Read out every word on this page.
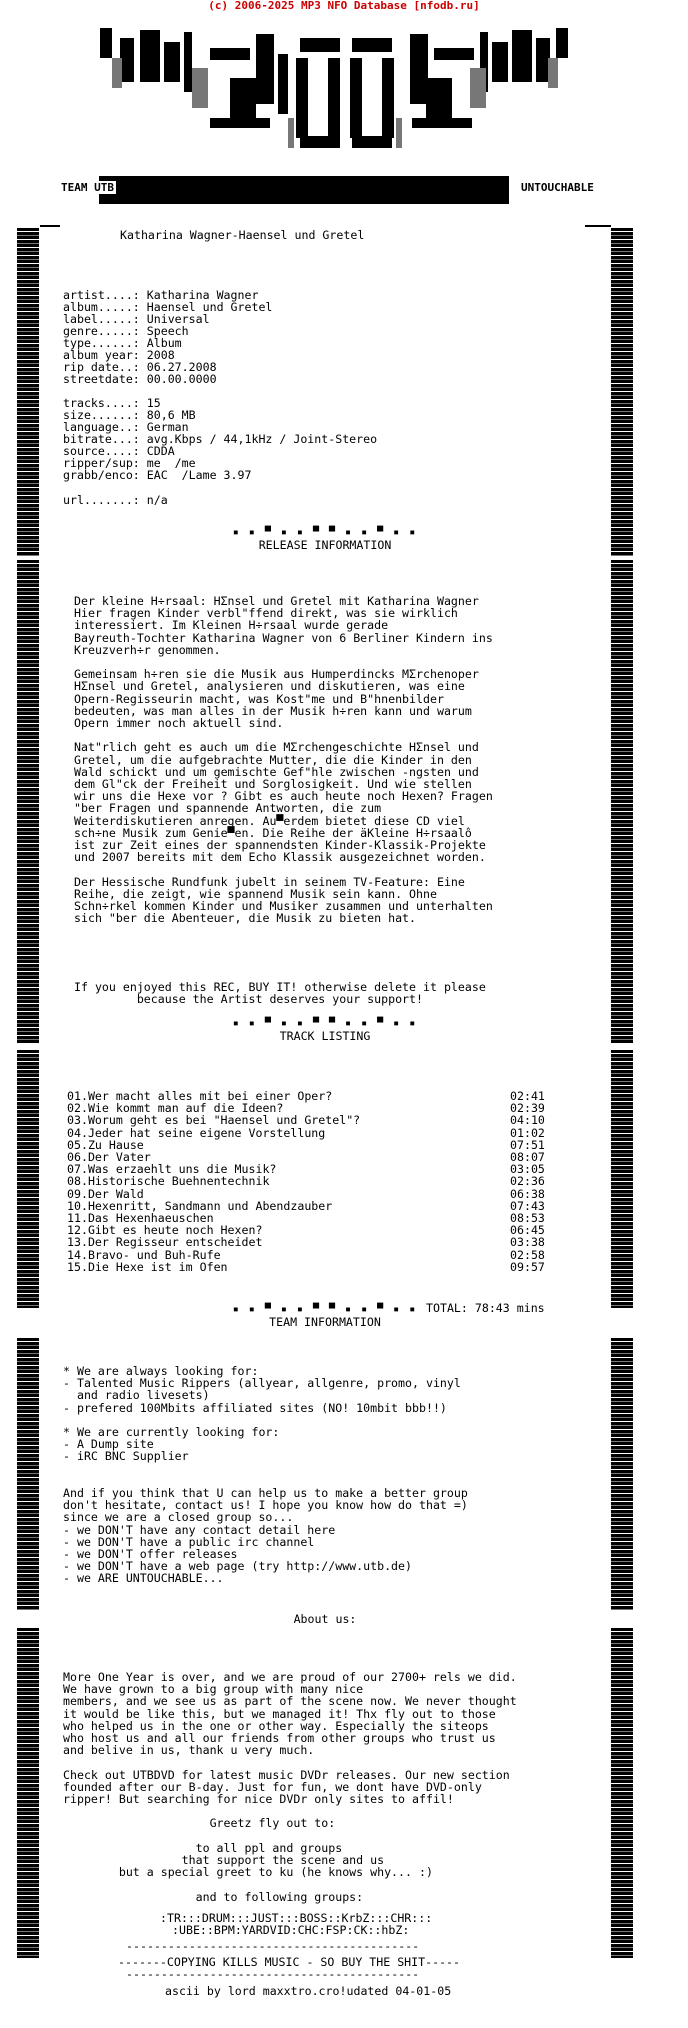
(c) 2006-2025 MP3 NFO Database [nfodb.ru]
TEAM UTB	UNTOUCHABLE
Katharina Wagner-Haensel und Gretel
artist....: Katharina Wagner
album.....: Haensel und Gretel
label.....: Universal
genre.....: Speech
type......: Album
album year: 2008
rip date..: 06.27.2008
streetdate: 00.00.0000
tracks....: 15
size......: 80,6 MB
language..: German
bitrate...: avg.Kbps / 44,1kHz / Joint-Stereo
source....: CDDA
ripper/sup: me  /me
grabb/enco: EAC  /Lame 3.97
url.......: n/a
▪ ▪ ▀ ▪ ▪ ▀ ▀ ▪ ▪ ▀ ▪ ▪
RELEASE INFORMATION
Der kleine H÷rsaal: HΣnsel und Gretel mit Katharina Wagner
Hier fragen Kinder verbl"ffend direkt, was sie wirklich
interessiert. Im Kleinen H÷rsaal wurde gerade
Bayreuth-Tochter Katharina Wagner von 6 Berliner Kindern ins
Kreuzverh÷r genommen.

Gemeinsam h÷ren sie die Musik aus Humperdincks MΣrchenoper
HΣnsel und Gretel, analysieren und diskutieren, was eine
Opern-Regisseurin macht, was Kost"me und B"hnenbilder
bedeuten, was man alles in der Musik h÷ren kann und warum
Opern immer noch aktuell sind.

Nat"rlich geht es auch um die MΣrchengeschichte HΣnsel und
Gretel, um die aufgebrachte Mutter, die die Kinder in den
Wald schickt und um gemischte Gef"hle zwischen -ngsten und
dem Gl"ck der Freiheit und Sorglosigkeit. Und wie stellen
wir uns die Hexe vor ? Gibt es auch heute noch Hexen? Fragen
"ber Fragen und spannende Antworten, die zum
Weiterdiskutieren anregen. Au▀erdem bietet diese CD viel
sch÷ne Musik zum Genie▀en. Die Reihe der äKleine H÷rsaalô
ist zur Zeit eines der spannendsten Kinder-Klassik-Projekte
und 2007 bereits mit dem Echo Klassik ausgezeichnet worden.

Der Hessische Rundfunk jubelt in seinem TV-Feature: Eine
Reihe, die zeigt, wie spannend Musik sein kann. Ohne
Schn÷rkel kommen Kinder und Musiker zusammen und unterhalten
sich "ber die Abenteuer, die Musik zu bieten hat.
If you enjoyed this REC, BUY IT! otherwise delete it please
because the Artist deserves your support!
▪ ▪ ▀ ▪ ▪ ▀ ▀ ▪ ▪ ▀ ▪ ▪
TRACK LISTING
01.Wer macht alles mit bei einer Oper?	02:41
02.Wie kommt man auf die Ideen?	02:39
03.Worum geht es bei "Haensel und Gretel"?	04:10
04.Jeder hat seine eigene Vorstellung	01:02
05.Zu Hause	07:51
06.Der Vater	08:07
07.Was erzaehlt uns die Musik?	03:05
08.Historische Buehnentechnik	02:36
09.Der Wald	06:38
10.Hexenritt, Sandmann und Abendzauber	07:43
11.Das Hexenhaeuschen	08:53
12.Gibt es heute noch Hexen?	06:45
13.Der Regisseur entscheidet	03:38
14.Bravo- und Buh-Rufe	02:58
15.Die Hexe ist im Ofen	09:57
TOTAL: 78:43 mins
▪ ▪ ▀ ▪ ▪ ▀ ▀ ▪ ▪ ▀ ▪ ▪
TEAM INFORMATION
* We are always looking for:
- Talented Music Rippers (allyear, allgenre, promo, vinyl
and radio livesets)
- prefered 100Mbits affiliated sites (NO! 10mbit bbb!!)

* We are currently looking for:
- A Dump site
- iRC BNC Supplier

And if you think that U can help us to make a better group
don't hesitate, contact us! I hope you know how do that =)
since we are a closed group so...
- we DON'T have any contact detail here
- we DON'T have a public irc channel
- we DON'T offer releases
- we DON'T have a web page (try http://www.utb.de)
- we ARE UNTOUCHABLE...
About us:
More One Year is over, and we are proud of our 2700+ rels we did.
We have grown to a big group with many nice
members, and we see us as part of the scene now. We never thought
it would be like this, but we managed it! Thx fly out to those
who helped us in the one or other way. Especially the siteops
who host us and all our friends from other groups who trust us
and belive in us, thank u very much.

Check out UTBDVD for latest music DVDr releases. Our new section
founded after our B-day. Just for fun, we dont have DVD-only
ripper! But searching for nice DVDr only sites to affil!

Greetz fly out to:

to all ppl and groups
that support the scene and us
but a special greet to ku (he knows why... :)

and to following groups:
:TR:::DRUM:::JUST:::BOSS::KrbZ:::CHR:::
:UBE::BPM:YARDVID:CHC:FSP:CK::hbZ:
------------------------------------------
-------COPYING KILLS MUSIC - SO BUY THE SHIT-----
------------------------------------------
ascii by lord maxxtro.cro!udated 04-01-05
